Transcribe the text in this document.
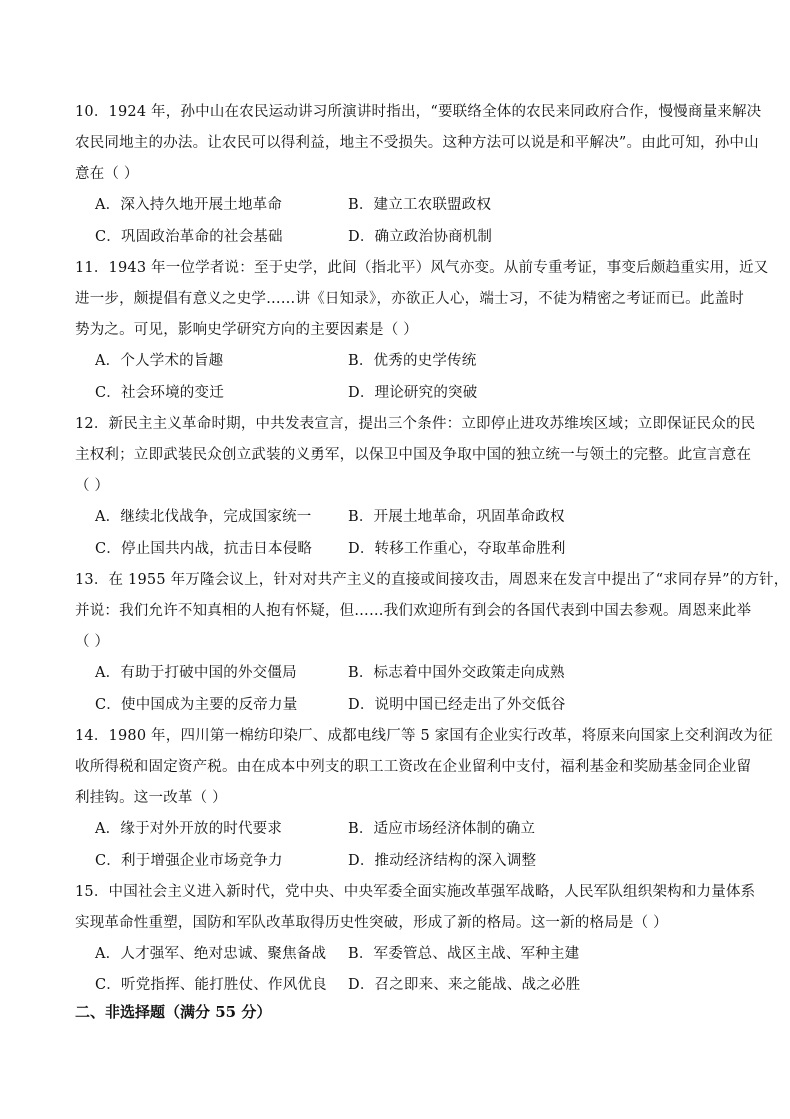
10．1924 年，孙中山在农民运动讲习所演讲时指出，“要联络全体的农民来同政府合作，慢慢商量来解决
农民同地主的办法。让农民可以得利益，地主不受损失。这种方法可以说是和平解决”。由此可知，孙中山
意在（ ）
A．深入持久地开展土地革命	B．建立工农联盟政权
C．巩固政治革命的社会基础	D．确立政治协商机制
11．1943 年一位学者说：至于史学，此间（指北平）风气亦变。从前专重考证，事变后颇趋重实用，近又
进一步，颇提倡有意义之史学……讲《日知录》，亦欲正人心，端士习，不徒为精密之考证而已。此盖时
势为之。可见，影响史学研究方向的主要因素是（ ）
A．个人学术的旨趣	B．优秀的史学传统
C．社会环境的变迁	D．理论研究的突破
12．新民主主义革命时期，中共发表宣言，提出三个条件：立即停止进攻苏维埃区域；立即保证民众的民
主权利；立即武装民众创立武装的义勇军，以保卫中国及争取中国的独立统一与领土的完整。此宣言意在
（ ）
A．继续北伐战争，完成国家统一	B．开展土地革命，巩固革命政权
C．停止国共内战，抗击日本侵略 D．转移工作重心，夺取革命胜利
13．在 1955 年万隆会议上，针对对共产主义的直接或间接攻击，周恩来在发言中提出了“求同存异”的方针，
并说：我们允许不知真相的人抱有怀疑，但……我们欢迎所有到会的各国代表到中国去参观。周恩来此举
（ ）
A．有助于打破中国的外交僵局	B．标志着中国外交政策走向成熟
C．使中国成为主要的反帝力量	D．说明中国已经走出了外交低谷
14．1980 年，四川第一棉纺印染厂、成都电线厂等 5 家国有企业实行改革，将原来向国家上交利润改为征
收所得税和固定资产税。由在成本中列支的职工工资改在企业留利中支付，福利基金和奖励基金同企业留
利挂钩。这一改革（ ）
A．缘于对外开放的时代要求	B．适应市场经济体制的确立
C．利于增强企业市场竞争力	D．推动经济结构的深入调整
15．中国社会主义进入新时代，党中央、中央军委全面实施改革强军战略，人民军队组织架构和力量体系
实现革命性重塑，国防和军队改革取得历史性突破，形成了新的格局。这一新的格局是（ ）
A．人才强军、绝对忠诚、聚焦备战 B．军委管总、战区主战、军种主建
C．听党指挥、能打胜仗、作风优良 D．召之即来、来之能战、战之必胜
二、非选择题（满分 55 分）
